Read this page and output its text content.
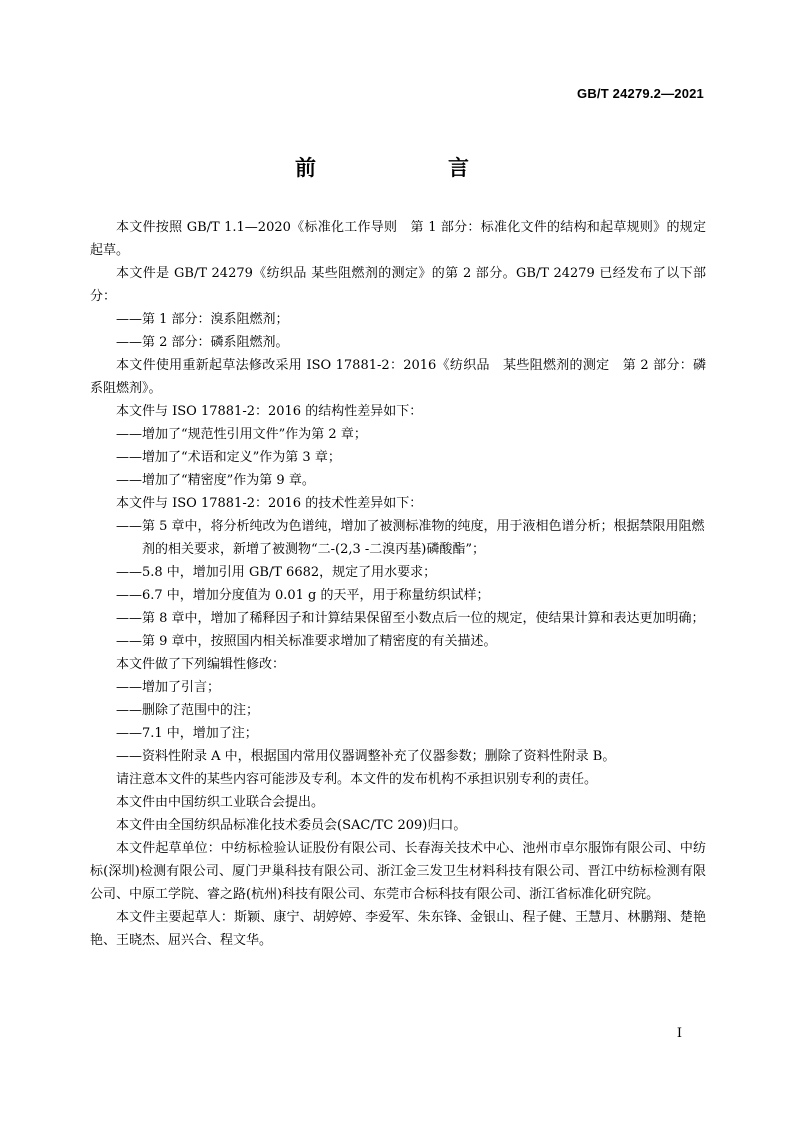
GB/T 24279.2—2021
前　　言

本文件按照 GB/T 1.1—2020《标准化工作导则　第 1 部分：标准化文件的结构和起草规则》的规定起草。

本文件是 GB/T 24279《纺织品 某些阻燃剂的测定》的第 2 部分。GB/T 24279 已经发布了以下部分：

——第 1 部分：溴系阻燃剂；

——第 2 部分：磷系阻燃剂。

本文件使用重新起草法修改采用 ISO 17881-2：2016《纺织品　某些阻燃剂的测定　第 2 部分：磷系阻燃剂》。

本文件与 ISO 17881-2：2016 的结构性差异如下：

——增加了“规范性引用文件”作为第 2 章；

——增加了“术语和定义”作为第 3 章；

——增加了“精密度”作为第 9 章。

本文件与 ISO 17881-2：2016 的技术性差异如下：

——第 5 章中，将分析纯改为色谱纯，增加了被测标准物的纯度，用于液相色谱分析；根据禁限用阻燃剂的相关要求，新增了被测物“二-(2,3 -二溴丙基)磷酸酯”；

——5.8 中，增加引用 GB/T 6682，规定了用水要求；

——6.7 中，增加分度值为 0.01 g 的天平，用于称量纺织试样；

——第 8 章中，增加了稀释因子和计算结果保留至小数点后一位的规定，使结果计算和表达更加明确；

——第 9 章中，按照国内相关标准要求增加了精密度的有关描述。

本文件做了下列编辑性修改：

——增加了引言；

——删除了范围中的注；

——7.1 中，增加了注；

——资料性附录 A 中，根据国内常用仪器调整补充了仪器参数；删除了资料性附录 B。

请注意本文件的某些内容可能涉及专利。本文件的发布机构不承担识别专利的责任。

本文件由中国纺织工业联合会提出。

本文件由全国纺织品标准化技术委员会(SAC/TC 209)归口。

本文件起草单位：中纺标检验认证股份有限公司、长春海关技术中心、池州市卓尔服饰有限公司、中纺标(深圳)检测有限公司、厦门尹巢科技有限公司、浙江金三发卫生材料科技有限公司、晋江中纺标检测有限公司、中原工学院、睿之路(杭州)科技有限公司、东莞市合标科技有限公司、浙江省标准化研究院。

本文件主要起草人：斯颖、康宁、胡婷婷、李爱军、朱东锋、金银山、程子健、王慧月、林鹏翔、楚艳艳、王晓杰、屈兴合、程文华。

I
